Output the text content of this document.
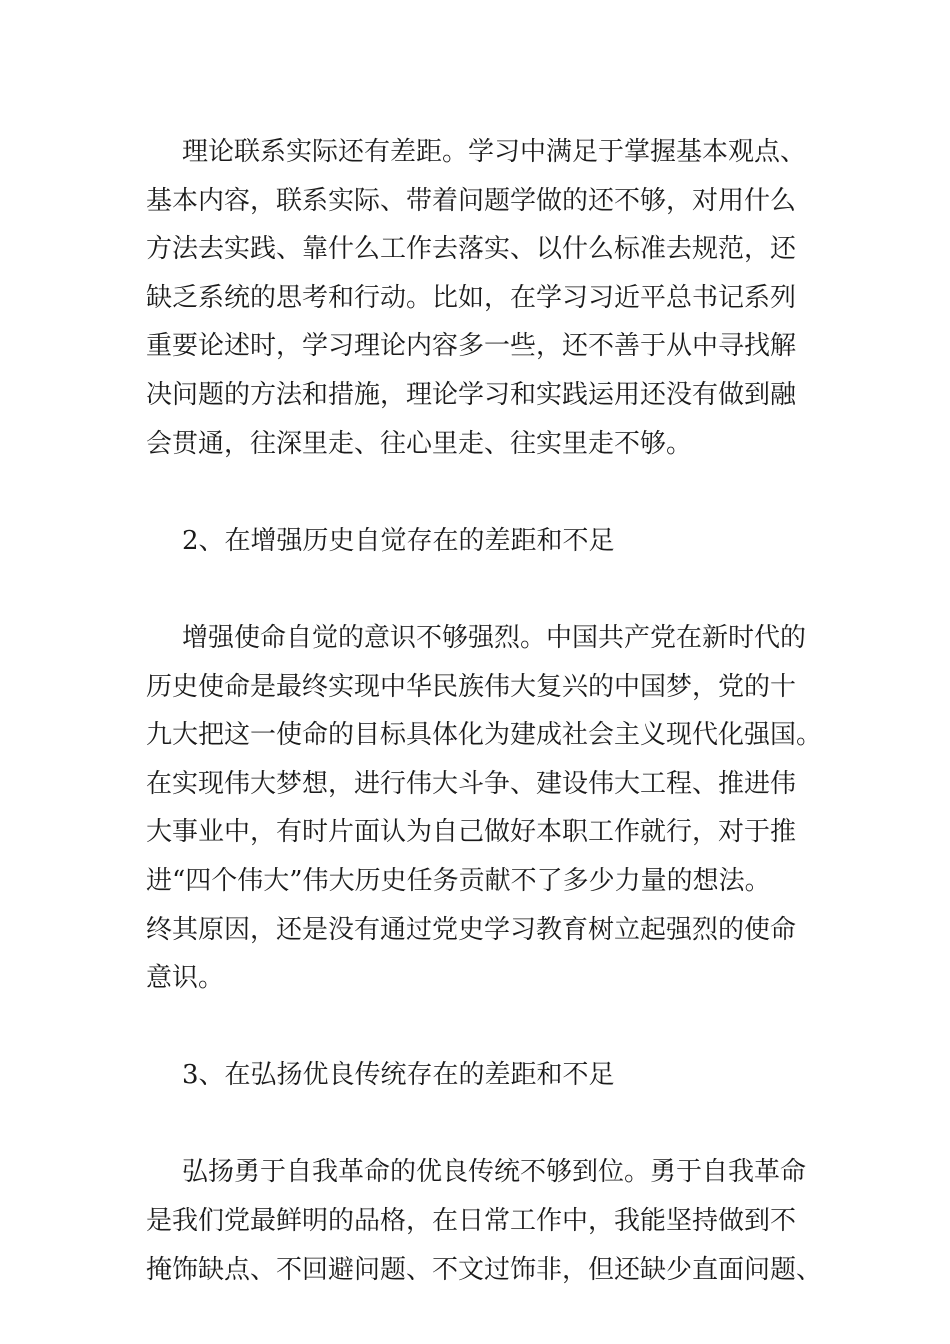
理论联系实际还有差距。学习中满足于掌握基本观点、
基本内容，联系实际、带着问题学做的还不够，对用什么
方法去实践、靠什么工作去落实、以什么标准去规范，还
缺乏系统的思考和行动。比如，在学习习近平总书记系列
重要论述时，学习理论内容多一些，还不善于从中寻找解
决问题的方法和措施，理论学习和实践运用还没有做到融
会贯通，往深里走、往心里走、往实里走不够。
2、在增强历史自觉存在的差距和不足
增强使命自觉的意识不够强烈。中国共产党在新时代的
历史使命是最终实现中华民族伟大复兴的中国梦，党的十
九大把这一使命的目标具体化为建成社会主义现代化强国。
在实现伟大梦想，进行伟大斗争、建设伟大工程、推进伟
大事业中，有时片面认为自己做好本职工作就行，对于推
进“四个伟大”伟大历史任务贡献不了多少力量的想法。
终其原因，还是没有通过党史学习教育树立起强烈的使命
意识。
3、在弘扬优良传统存在的差距和不足
弘扬勇于自我革命的优良传统不够到位。勇于自我革命
是我们党最鲜明的品格，在日常工作中，我能坚持做到不
掩饰缺点、不回避问题、不文过饰非，但还缺少直面问题、
